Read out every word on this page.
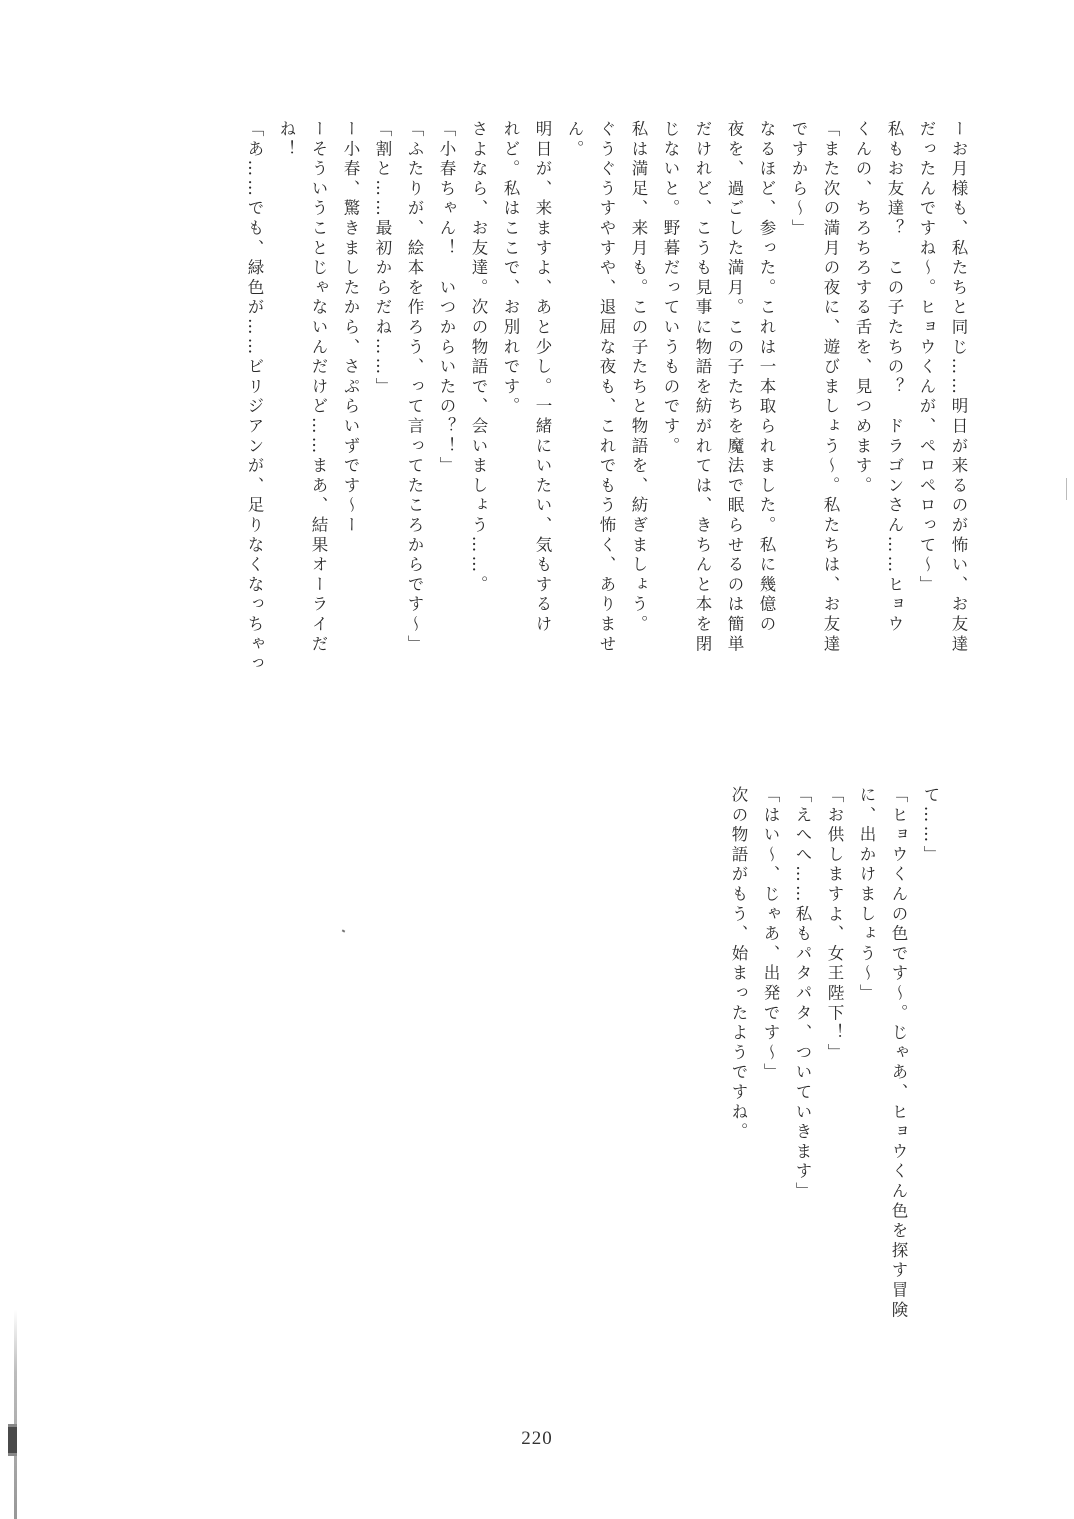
ーお月様も、私たちと同じ……明日が来るのが怖い、お友達

だったんですね〜。ヒョウくんが、ペロペロって〜」

私もお友達？　この子たちの？　ドラゴンさん……ヒョウ

くんの、ちろちろする舌を、見つめます。

「また次の満月の夜に、遊びましょう〜。私たちは、お友達

ですから〜」

なるほど、参った。これは一本取られました。私に幾億の

夜を、過ごした満月。この子たちを魔法で眠らせるのは簡単

だけれど、こうも見事に物語を紡がれては、きちんと本を閉

じないと。野暮だっていうものです。

私は満足、来月も。この子たちと物語を、紡ぎましょう。

ぐうぐうすやすや、退屈な夜も、これでもう怖く、ありませ

ん。

明日が、来ますよ、あと少し。一緒にいたい、気もするけ

れど。私はここで、お別れです。

さよなら、お友達。次の物語で、会いましょう……。

「小春ちゃん！　いつからいたの？！」

「ふたりが、絵本を作ろう、って言ってたころからです〜」

「割と……最初からだね……」

ー小春、驚きましたから、さぷらいずです〜ー

ーそういうことじゃないんだけど……まあ、結果オーライだ

ね！

「あ……でも、緑色が……ビリジアンが、足りなくなっちゃっ

て……」

「ヒョウくんの色です〜。じゃあ、ヒョウくん色を探す冒険

に、出かけましょう〜」

「お供しますよ、女王陛下！」

「えへへ……私もパタパタ、ついていきます」

「はい〜、じゃあ、出発です〜」

次の物語がもう、始まったようですね。

220
